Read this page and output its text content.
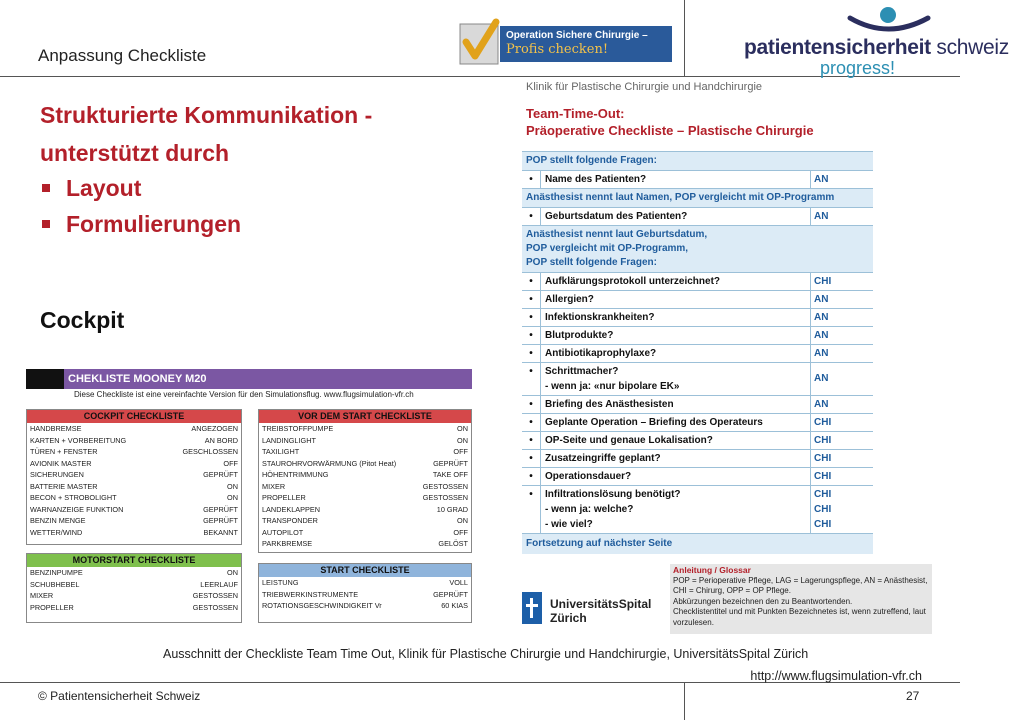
Anpassung Checkliste
Operation Sichere Chirurgie –
Profis checken!	patientensicherheit schweiz
progress!
Strukturierte Kommunikation -
unterstützt durch
Layout
Formulierungen
Cockpit
CHEKLISTE MOONEY M20
Diese Checkliste ist eine vereinfachte Version für den Simulationsflug. www.flugsimulation-vfr.ch
COCKPIT CHECKLISTE
HANDBREMSE	ANGEZOGEN
KARTEN + VORBEREITUNG	AN BORD
TÜREN + FENSTER	GESCHLOSSEN
AVIONIK MASTER	OFF
SICHERUNGEN	GEPRÜFT
BATTERIE MASTER	ON
BECON + STROBOLIGHT	ON
WARNANZEIGE FUNKTION	GEPRÜFT
BENZIN MENGE	GEPRÜFT
WETTER/WIND	BEKANNT
VOR DEM START CHECKLISTE
TREIBSTOFFPUMPE	ON
LANDINGLIGHT	ON
TAXILIGHT	OFF
STAUROHRVORWÄRMUNG (Pitot Heat)	GEPRÜFT
HÖHENTRIMMUNG	TAKE OFF
MIXER	GESTOSSEN
PROPELLER	GESTOSSEN
LANDEKLAPPEN	10 GRAD
TRANSPONDER	ON
AUTOPILOT	OFF
PARKBREMSE	GELÖST
MOTORSTART CHECKLISTE
BENZINPUMPE	ON
SCHUBHEBEL	LEERLAUF
MIXER	GESTOSSEN
PROPELLER	GESTOSSEN
START CHECKLISTE
LEISTUNG	VOLL
TRIEBWERKINSTRUMENTE	GEPRÜFT
ROTATIONSGESCHWINDIGKEIT Vr	60 KIAS
Klinik für Plastische Chirurgie und Handchirurgie
Team-Time-Out:
Präoperative Checkliste – Plastische Chirurgie
POP stellt folgende Fragen:
•	Name des Patienten?	AN
Anästhesist nennt laut Namen, POP vergleicht mit OP-Programm
•	Geburtsdatum des Patienten?	AN
Anästhesist nennt laut Geburtsdatum,
POP vergleicht mit OP-Programm,
POP stellt folgende Fragen:
•	Aufklärungsprotokoll unterzeichnet?	CHI
•	Allergien?	AN
•	Infektionskrankheiten?	AN
•	Blutprodukte?	AN
•	Antibiotikaprophylaxe?	AN
•	Schrittmacher?
- wenn ja: «nur bipolare EK»
AN
•	Briefing des Anästhesisten	AN
•	Geplante Operation – Briefing des Operateurs	CHI
•	OP-Seite und genaue Lokalisation?	CHI
•	Zusatzeingriffe geplant?	CHI
•	Operationsdauer?	CHI
•	Infiltrationslösung benötigt?
- wenn ja: welche?
- wie viel?
CHI
CHI
CHI
Fortsetzung auf nächster Seite
UniversitätsSpital
Zürich
Anleitung / Glossar
POP = Perioperative Pflege, LAG = Lagerungspflege, AN = Anästhesist,
CHI = Chirurg, OPP = OP Pflege.
Abkürzungen bezeichnen den zu Beantwortenden.
Checklistentitel und mit Punkten Bezeichnetes ist, wenn zutreffend, laut
vorzulesen.
Ausschnitt der Checkliste Team Time Out, Klinik für Plastische Chirurgie und Handchirurgie, UniversitätsSpital Zürich
http://www.flugsimulation-vfr.ch
© Patientensicherheit Schweiz	27
